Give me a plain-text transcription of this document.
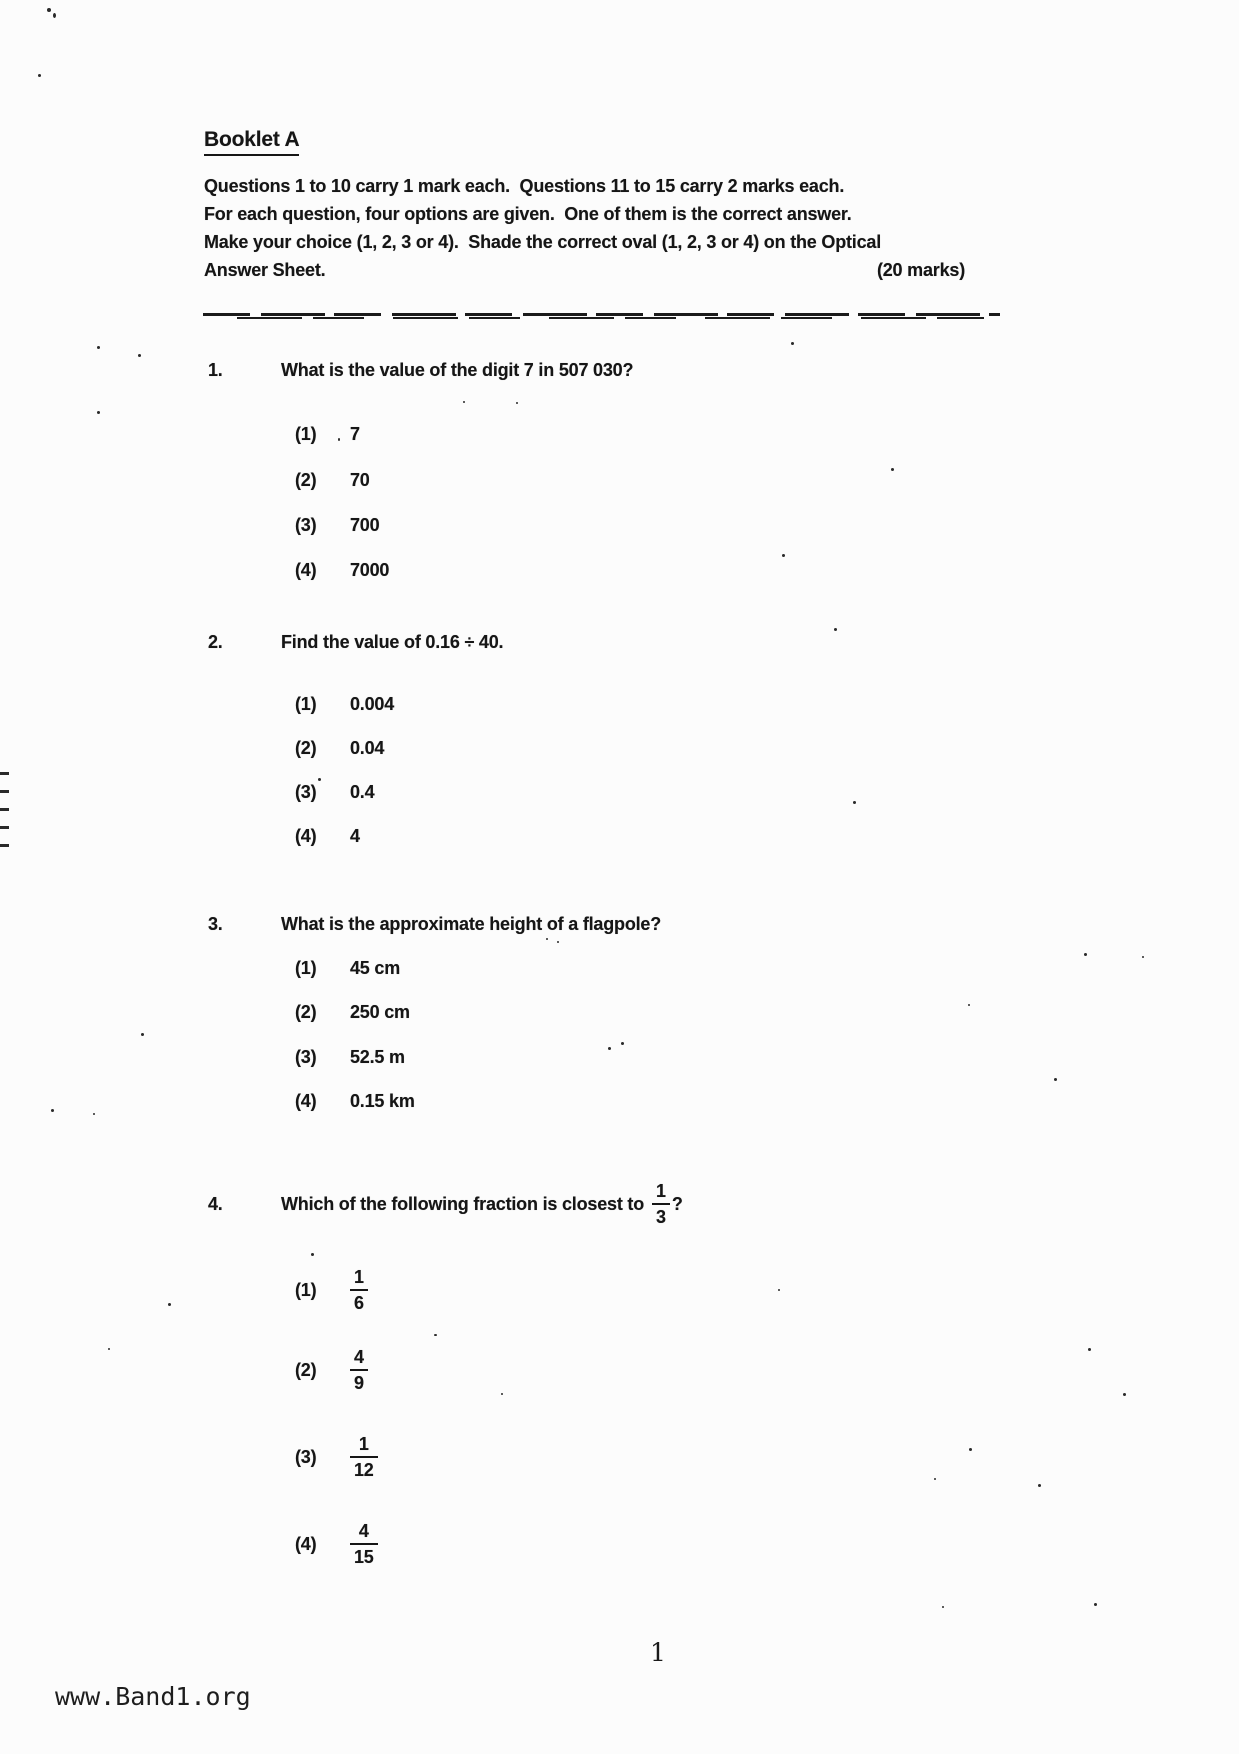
Booklet A
Questions 1 to 10 carry 1 mark each.  Questions 11 to 15 carry 2 marks each.
For each question, four options are given.  One of them is the correct answer.
Make your choice (1, 2, 3 or 4).  Shade the correct oval (1, 2, 3 or 4) on the Optical
Answer Sheet.	(20 marks)
1.	What is the value of the digit 7 in 507 030?
(1)	7
(2)	70
(3)	700
(4)	7000
2.	Find the value of 0.16 ÷ 40.
(1)	0.004
(2)	0.04
(3)	0.4
(4)	4
3.	What is the approximate height of a flagpole?
(1)	45 cm
(2)	250 cm
(3)	52.5 m
(4)	0.15 km
4.	Which of the following fraction is closest to $\frac{1}{3}$ ?
(1)	$\frac{1}{6}$
(2)	$\frac{4}{9}$
(3)	$\frac{1}{12}$
(4)	$\frac{4}{15}$
1
www.Band1.org
